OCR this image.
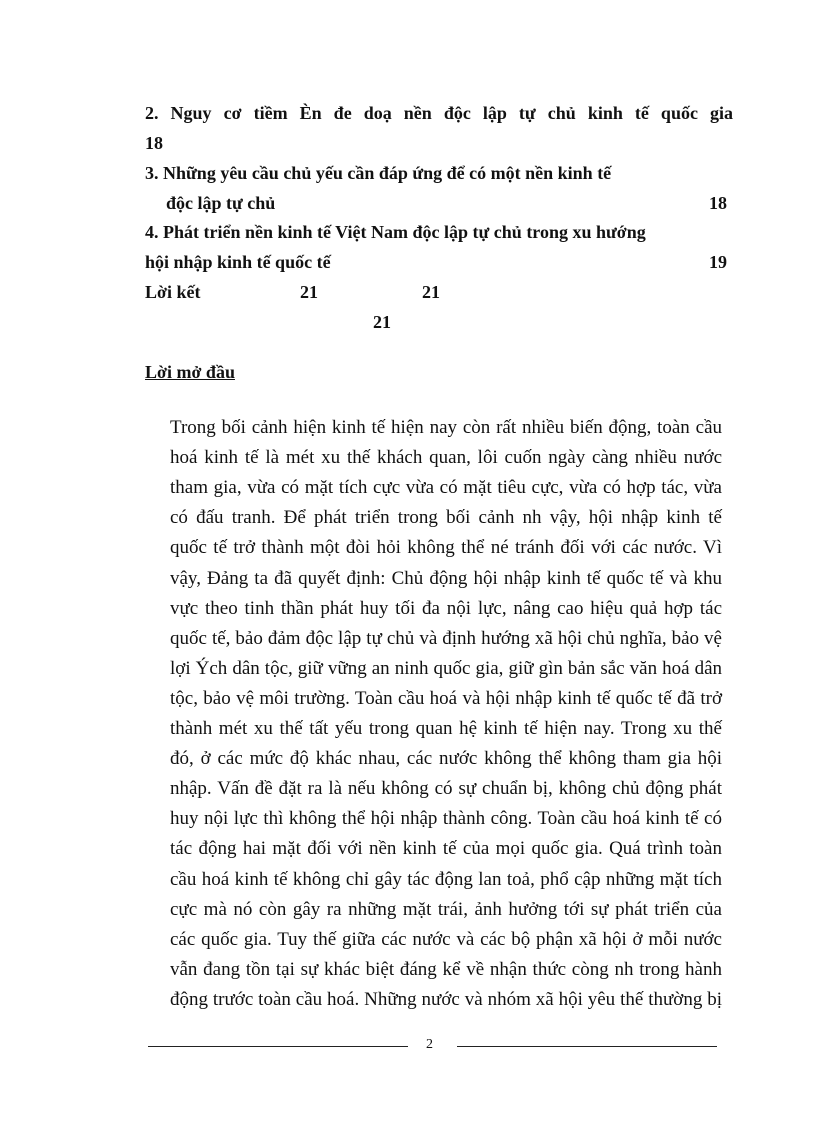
2. Nguy cơ tiềm Èn đe doạ nền độc lập tự chủ kinh tế quốc gia
18
3. Những yêu cầu chủ yếu cần đáp ứng để có một nền kinh tế
độc lập tự chủ	18
4. Phát triển nền kinh tế Việt Nam độc lập tự chủ trong xu hướng
hội nhập kinh tế quốc tế	19
Lời kết	21	21
21
Lời mở đầu
Trong bối cảnh hiện kinh tế hiện nay còn rất nhiều biến động, toàn cầu
hoá kinh tế là mét xu thế khách quan, lôi cuốn ngày càng nhiều nước
tham gia, vừa có mặt tích cực vừa có mặt tiêu cực, vừa có hợp tác, vừa
có đấu tranh. Để phát triển trong bối cảnh nh vậy, hội nhập kinh tế
quốc tế trở thành một đòi hỏi không thể né tránh đối với các nước. Vì
vậy, Đảng ta đã quyết định: Chủ động hội nhập kinh tế quốc tế và khu
vực theo tinh thần phát huy tối đa nội lực, nâng cao hiệu quả hợp tác
quốc tế, bảo đảm độc lập tự chủ và định hướng xã hội chủ nghĩa, bảo vệ
lợi Ých dân tộc, giữ vững an ninh quốc gia, giữ gìn bản sắc văn hoá dân
tộc, bảo vệ môi trường. Toàn cầu hoá và hội nhập kinh tế quốc tế đã trở
thành mét xu thế tất yếu trong quan hệ kinh tế hiện nay. Trong xu thế
đó, ở các mức độ khác nhau, các nước không thể không tham gia hội
nhập. Vấn đề đặt ra là nếu không có sự chuẩn bị, không chủ động phát
huy nội lực thì không thể hội nhập thành công. Toàn cầu hoá kinh tế có
tác động hai mặt đối với nền kinh tế của mọi quốc gia. Quá trình toàn
cầu hoá kinh tế không chỉ gây tác động lan toả, phổ cập những mặt tích
cực mà nó còn gây ra những mặt trái, ảnh hưởng tới sự phát triển của
các quốc gia. Tuy thế giữa các nước và các bộ phận xã hội ở mỗi nước
vẫn đang tồn tại sự khác biệt đáng kể về nhận thức còng nh trong hành
động trước toàn cầu hoá. Những nước và nhóm xã hội yêu thế thường bị
2
